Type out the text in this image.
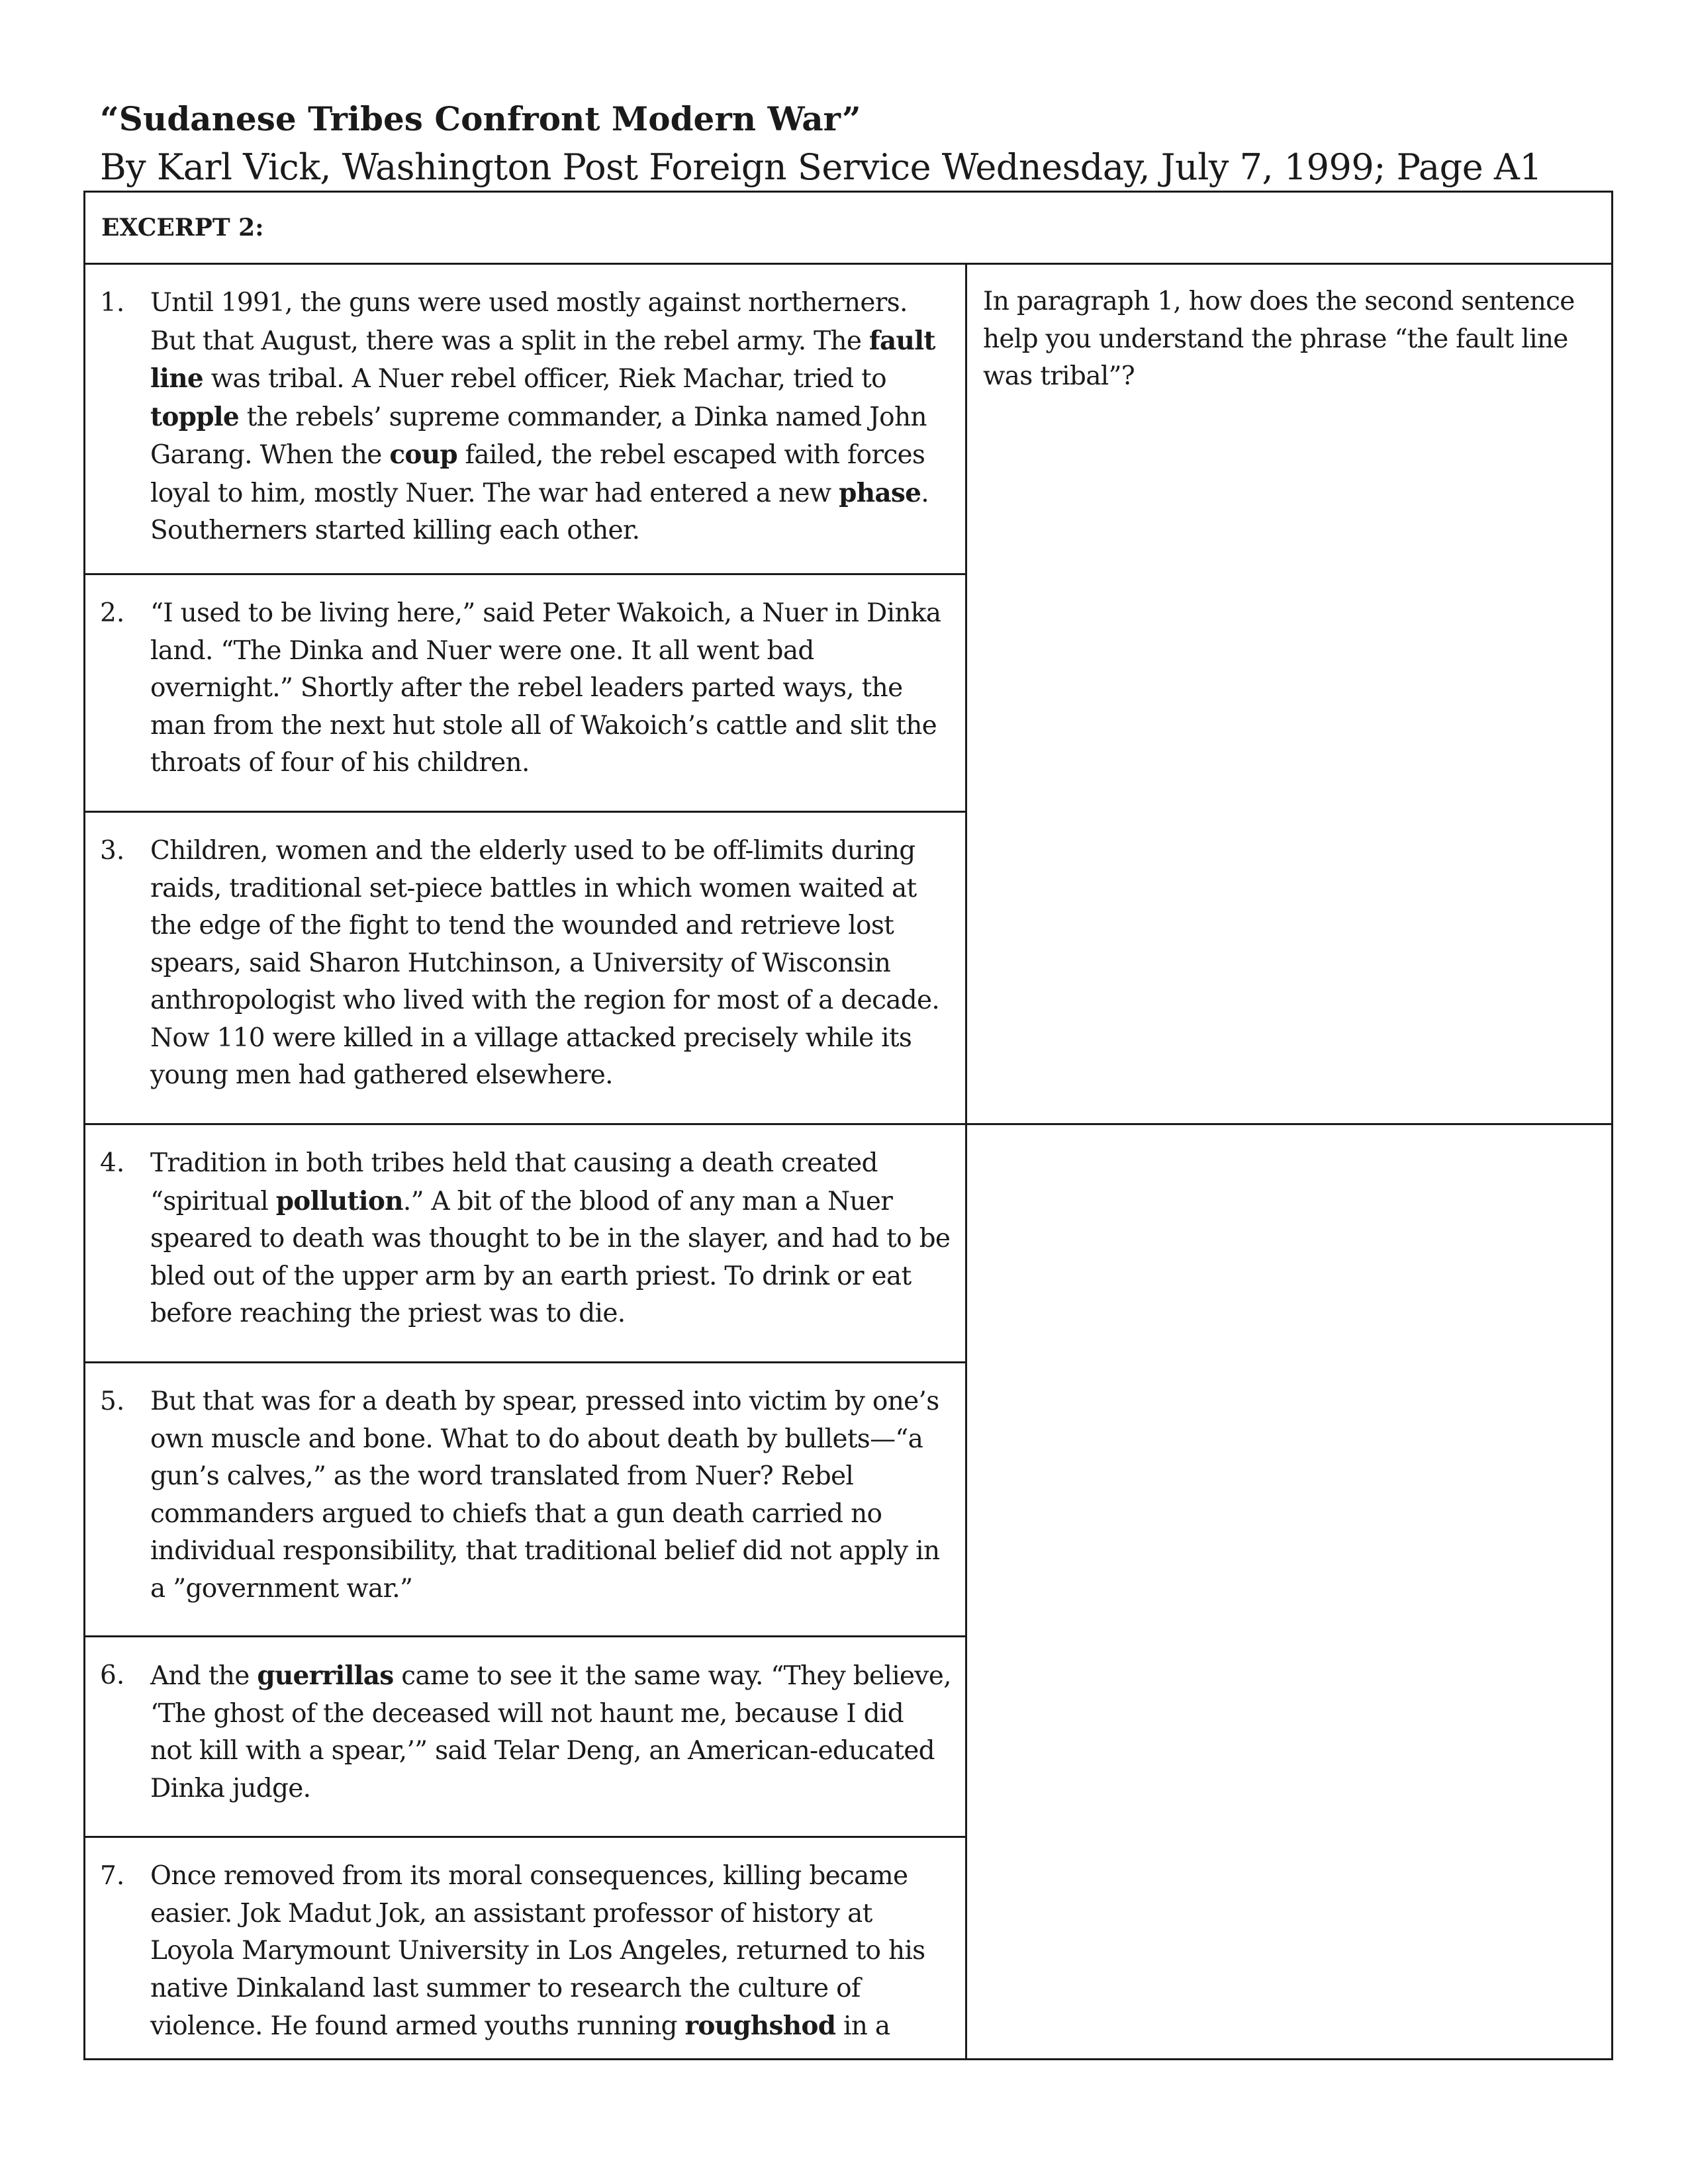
“Sudanese Tribes Confront Modern War”
By Karl Vick, Washington Post Foreign Service Wednesday, July 7, 1999; Page A1
EXCERPT 2:	

1. Until 1991, the guns were used mostly against northerners. But that August, there was a split in the rebel army. The fault line was tribal. A Nuer rebel officer, Riek Machar, tried to topple the rebels’ supreme commander, a Dinka named John Garang. When the coup failed, the rebel escaped with forces loyal to him, mostly Nuer. The war had entered a new phase. Southerners started killing each other.	In paragraph 1, how does the second sentence help you understand the phrase “the fault line was tribal”?

2. “I used to be living here,” said Peter Wakoich, a Nuer in Dinka land. “The Dinka and Nuer were one. It all went bad overnight.” Shortly after the rebel leaders parted ways, the man from the next hut stole all of Wakoich’s cattle and slit the throats of four of his children.	

3. Children, women and the elderly used to be off-limits during raids, traditional set-piece battles in which women waited at the edge of the fight to tend the wounded and retrieve lost spears, said Sharon Hutchinson, a University of Wisconsin anthropologist who lived with the region for most of a decade. Now 110 were killed in a village attacked precisely while its young men had gathered elsewhere.	

4. Tradition in both tribes held that causing a death created “spiritual pollution.” A bit of the blood of any man a Nuer speared to death was thought to be in the slayer, and had to be bled out of the upper arm by an earth priest. To drink or eat before reaching the priest was to die.	

5. But that was for a death by spear, pressed into victim by one’s own muscle and bone. What to do about death by bullets—“a gun’s calves,” as the word translated from Nuer? Rebel commanders argued to chiefs that a gun death carried no individual responsibility, that traditional belief did not apply in a ”government war.”	

6. And the guerrillas came to see it the same way. “They believe, ‘The ghost of the deceased will not haunt me, because I did not kill with a spear,’” said Telar Deng, an American-educated Dinka judge.	

7. Once removed from its moral consequences, killing became easier. Jok Madut Jok, an assistant professor of history at Loyola Marymount University in Los Angeles, returned to his native Dinkaland last summer to research the culture of violence. He found armed youths running roughshod in a	
